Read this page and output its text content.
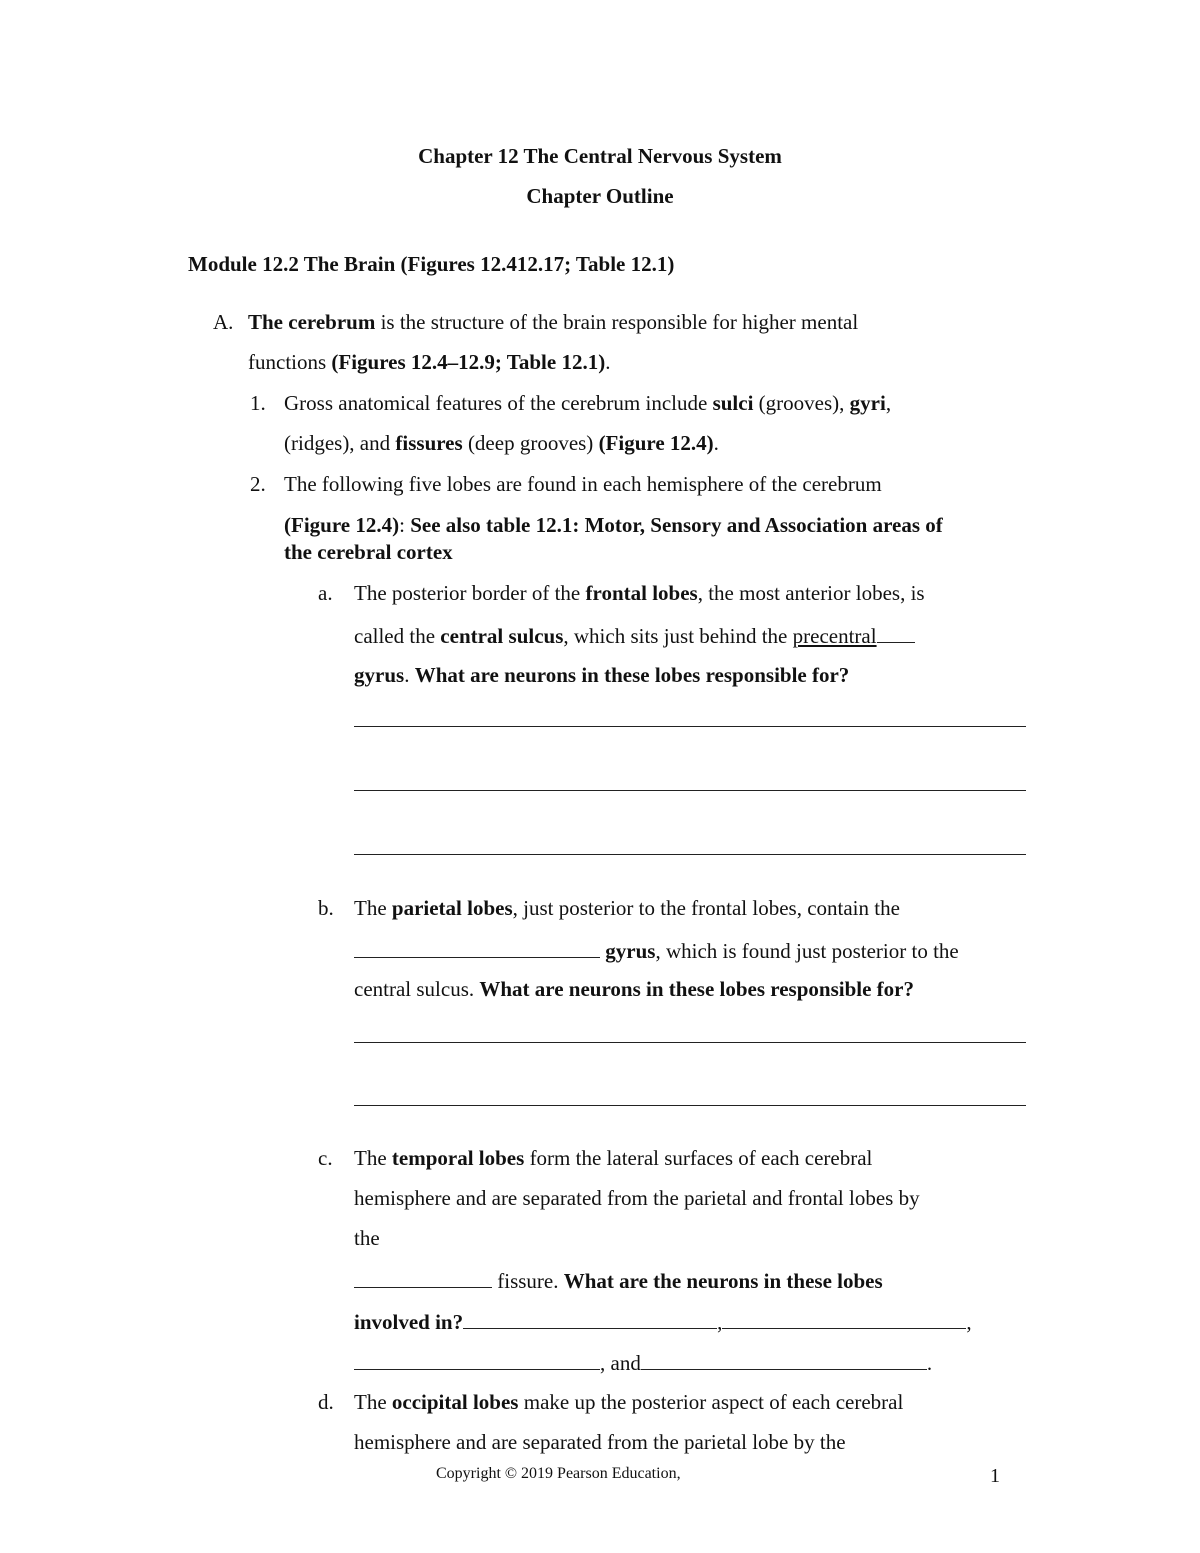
Chapter 12 The Central Nervous System
Chapter Outline
Module 12.2 The Brain (Figures 12.412.17; Table 12.1)
A. The cerebrum is the structure of the brain responsible for higher mental
functions (Figures 12.4–12.9; Table 12.1).
1. Gross anatomical features of the cerebrum include sulci (grooves), gyri,
(ridges), and fissures (deep grooves) (Figure 12.4).
2. The following five lobes are found in each hemisphere of the cerebrum
(Figure 12.4): See also table 12.1: Motor, Sensory and Association areas of
the cerebral cortex
a. The posterior border of the frontal lobes, the most anterior lobes, is
called the central sulcus, which sits just behind the precentral
gyrus. What are neurons in these lobes responsible for?
b. The parietal lobes, just posterior to the frontal lobes, contain the
gyrus, which is found just posterior to the
central sulcus. What are neurons in these lobes responsible for?
c. The temporal lobes form the lateral surfaces of each cerebral
hemisphere and are separated from the parietal and frontal lobes by
the
fissure. What are the neurons in these lobes
involved in?	,	,
, and	.
d. The occipital lobes make up the posterior aspect of each cerebral
hemisphere and are separated from the parietal lobe by the
Copyright © 2019 Pearson Education,	1
